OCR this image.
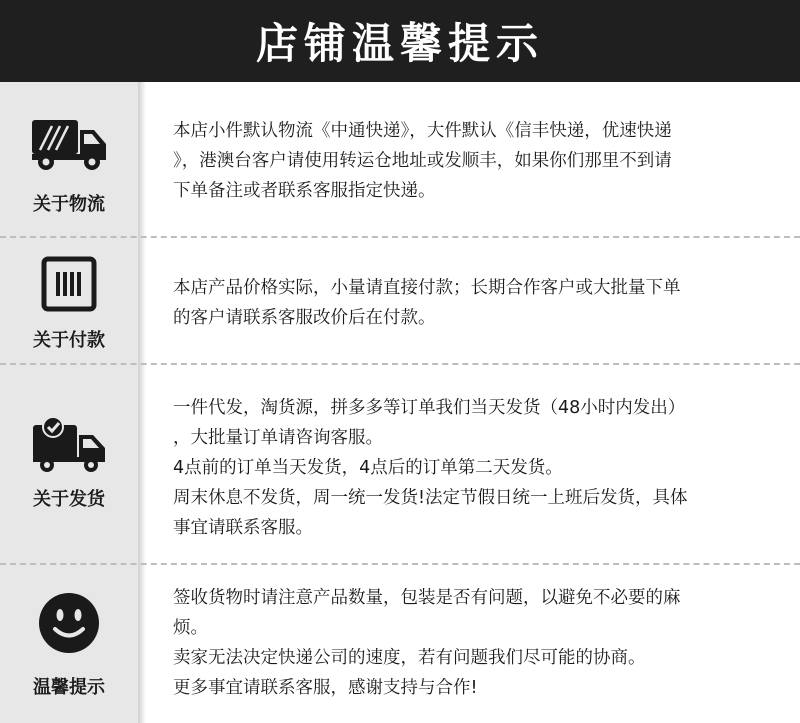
店铺温馨提示
关于物流

本店小件默认物流《中通快递》，大件默认《信丰快递，优速快递

》，港澳台客户请使用转运仓地址或发顺丰，如果你们那里不到请

下单备注或者联系客服指定快递。

关于付款

本店产品价格实际，小量请直接付款；长期合作客户或大批量下单

的客户请联系客服改价后在付款。

关于发货

一件代发，淘货源，拼多多等订单我们当天发货（48小时内发出）

，大批量订单请咨询客服。

4点前的订单当天发货，4点后的订单第二天发货。

周末休息不发货，周一统一发货!法定节假日统一上班后发货，具体

事宜请联系客服。

温馨提示

签收货物时请注意产品数量，包装是否有问题，以避免不必要的麻

烦。

卖家无法决定快递公司的速度，若有问题我们尽可能的协商。

更多事宜请联系客服，感谢支持与合作!
